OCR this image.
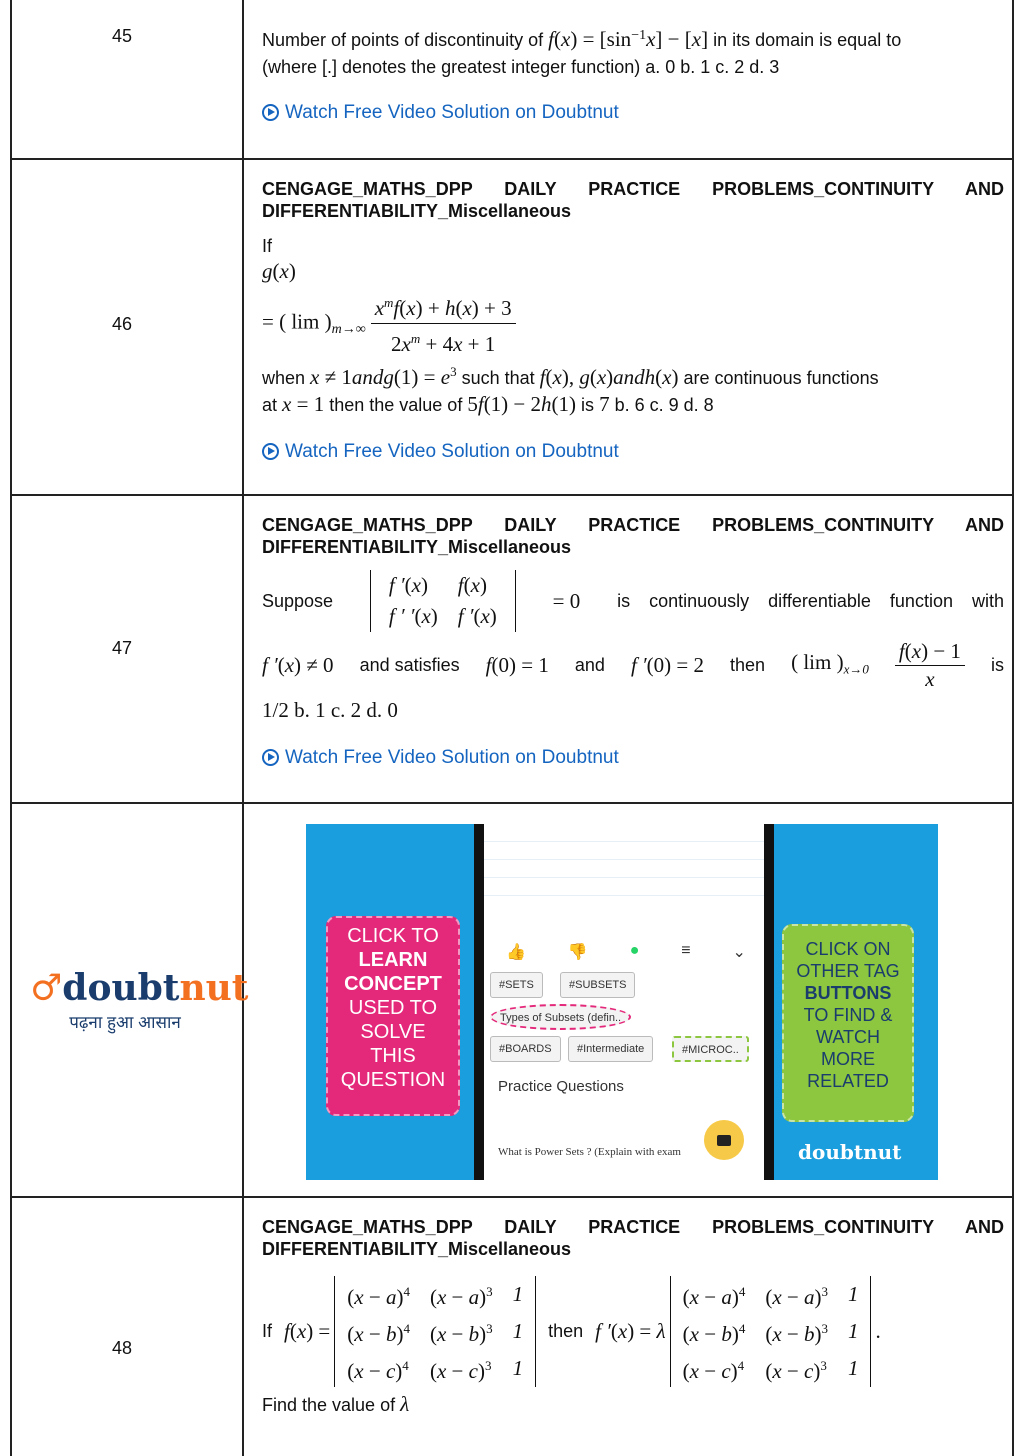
45	Number of points of discontinuity of $f(x) = [\sin^{-1}x] - [x]$ in its domain is equal to
(where [.] denotes the greatest integer function) a. 0 b. 1 c. 2 d. 3
Watch Free Video Solution on Doubtnut
46
CENGAGE_MATHS_DPP DAILY PRACTICE PROBLEMS_CONTINUITY AND DIFFERENTIABILITY_Miscellaneous
If
g(x)
= ( $\lim )_{m\to\infty} \frac{x^mf(x) + h(x) + 3}{2x^m + 4x + 1}$
when x ≠ 1andg(1) = $e^3$ such that f(x), g(x)andh(x) are continuous functions
at x = 1 then the value of 5f(1) − 2h(1) is 7 b. 6 c. 9 d. 8
Watch Free Video Solution on Doubtnut
47
CENGAGE_MATHS_DPP DAILY PRACTICE PROBLEMS_CONTINUITY AND DIFFERENTIABILITY_Miscellaneous
Suppose
f ′(x)	f(x)
f ′ ′(x)	f ′(x)
= 0 is continuously differentiable function with
f ′(x) ≠ 0 and satisfies f(0) = 1 and f ′(0) = 2 then ( $\lim )_{x\to 0} \frac{f(x) - 1}{x}$ is
1/2 b. 1 c. 2 d. 0
Watch Free Video Solution on Doubtnut
♂doubtnut
पढ़ना हुआ आसान
CLICK TO
LEARN
CONCEPT
USED TO
SOLVE
THIS
QUESTION
👍	👎	●	≡	⌄
#SETS	#SUBSETS
Types of Subsets (defin..
#BOARDS	#Intermediate	#MICROC..
Practice Questions
What is Power Sets ? (Explain with exam
CLICK ON
OTHER TAG
BUTTONS
TO FIND &
WATCH
MORE
RELATED
doubtnut
48
CENGAGE_MATHS_DPP DAILY PRACTICE PROBLEMS_CONTINUITY AND DIFFERENTIABILITY_Miscellaneous
If f(x) =
$(x - a)^4$	$(x - a)^3$	1
$(x - b)^4$	$(x - b)^3$	1
$(x - c)^4$	$(x - c)^3$	1
then f ′(x) = λ
$(x - a)^4$	$(x - a)^3$	1
$(x - b)^4$	$(x - b)^3$	1
$(x - c)^4$	$(x - c)^3$	1
.
Find the value of λ
